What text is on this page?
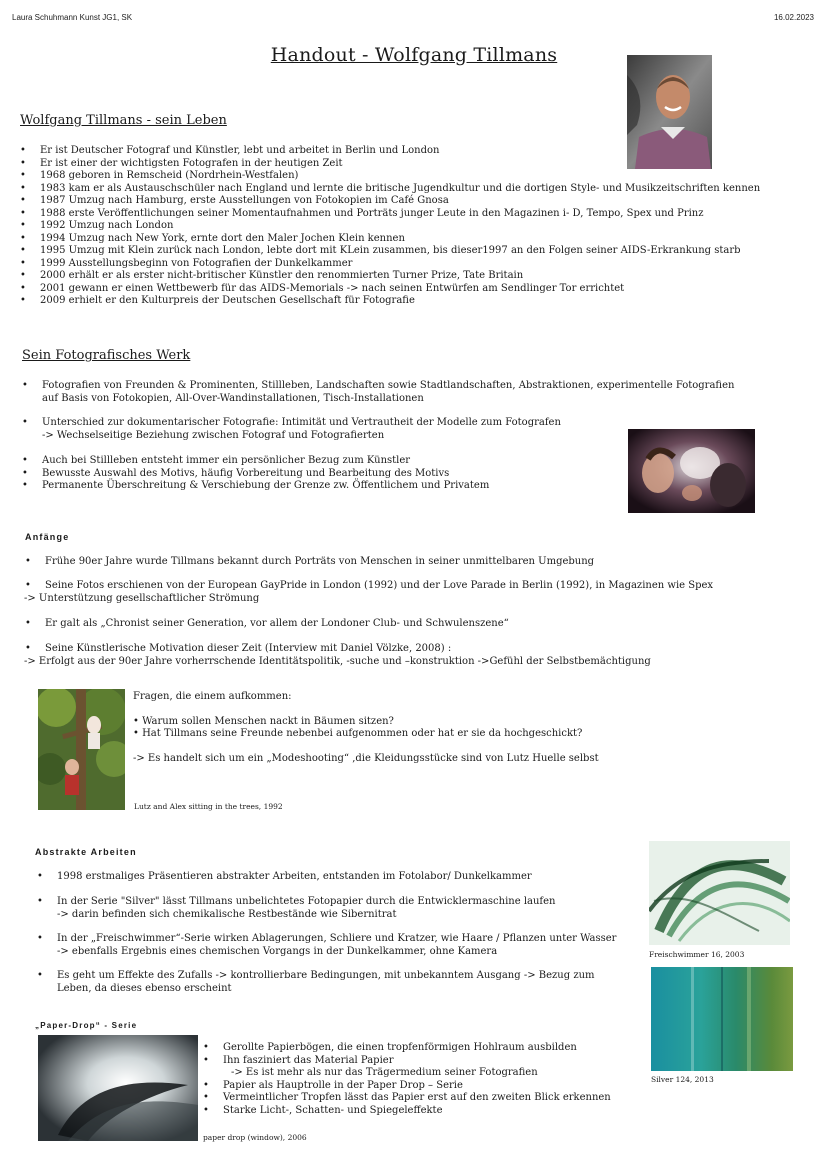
Laura Schuhmann Kunst JG1, SK	16.02.2023
Handout - Wolfgang Tillmans
Wolfgang Tillmans - sein Leben
• Er ist Deutscher Fotograf und Künstler, lebt und arbeitet in Berlin und London
• Er ist einer der wichtigsten Fotografen in der heutigen Zeit
• 1968 geboren in Remscheid (Nordrhein-Westfalen)
• 1983 kam er als Austauschschüler nach England und lernte die britische Jugendkultur und die dortigen Style- und Musikzeitschriften kennen
• 1987 Umzug nach Hamburg, erste Ausstellungen von Fotokopien im Café Gnosa
• 1988 erste Veröffentlichungen seiner Momentaufnahmen und Porträts junger Leute in den Magazinen i- D, Tempo, Spex und Prinz
• 1992 Umzug nach London
• 1994 Umzug nach New York, ernte dort den Maler Jochen Klein kennen
• 1995 Umzug mit Klein zurück nach London, lebte dort mit KLein zusammen, bis dieser1997 an den Folgen seiner AIDS-Erkrankung starb
• 1999 Ausstellungsbeginn von Fotografien der Dunkelkammer
• 2000 erhält er als erster nicht-britischer Künstler den renommierten Turner Prize, Tate Britain
• 2001 gewann er einen Wettbewerb für das AIDS-Memorials -> nach seinen Entwürfen am Sendlinger Tor errichtet
• 2009 erhielt er den Kulturpreis der Deutschen Gesellschaft für Fotografie
Sein Fotografisches Werk
• Fotografien von Freunden & Prominenten, Stillleben, Landschaften sowie Stadtlandschaften, Abstraktionen, experimentelle Fotografien
auf Basis von Fotokopien, All-Over-Wandinstallationen, Tisch-Installationen
• Unterschied zur dokumentarischer Fotografie: Intimität und Vertrautheit der Modelle zum Fotografen
-> Wechselseitige Beziehung zwischen Fotograf und Fotografierten
• Auch bei Stillleben entsteht immer ein persönlicher Bezug zum Künstler
• Bewusste Auswahl des Motivs, häufig Vorbereitung und Bearbeitung des Motivs
• Permanente Überschreitung & Verschiebung der Grenze zw. Öffentlichem und Privatem
Anfänge
• Frühe 90er Jahre wurde Tillmans bekannt durch Porträts von Menschen in seiner unmittelbaren Umgebung
• Seine Fotos erschienen von der European GayPride in London (1992) und der Love Parade in Berlin (1992), in Magazinen wie Spex
-> Unterstützung gesellschaftlicher Strömung
• Er galt als „Chronist seiner Generation, vor allem der Londoner Club- und Schwulenszene“
• Seine Künstlerische Motivation dieser Zeit (Interview mit Daniel Völzke, 2008) :
-> Erfolgt aus der 90er Jahre vorherrschende Identitätspolitik, -suche und –konstruktion ->Gefühl der Selbstbemächtigung
Fragen, die einem aufkommen:
• Warum sollen Menschen nackt in Bäumen sitzen?
• Hat Tillmans seine Freunde nebenbei aufgenommen oder hat er sie da hochgeschickt?
-> Es handelt sich um ein „Modeshooting“ ,die Kleidungsstücke sind von Lutz Huelle selbst
Lutz and Alex sitting in the trees, 1992
Abstrakte Arbeiten
• 1998 erstmaliges Präsentieren abstrakter Arbeiten, entstanden im Fotolabor/ Dunkelkammer
• In der Serie "Silver" lässt Tillmans unbelichtetes Fotopapier durch die Entwicklermaschine laufen
-> darin befinden sich chemikalische Restbestände wie Sibernitrat
• In der „Freischwimmer“-Serie wirken Ablagerungen, Schliere und Kratzer, wie Haare / Pflanzen unter Wasser
-> ebenfalls Ergebnis eines chemischen Vorgangs in der Dunkelkammer, ohne Kamera
• Es geht um Effekte des Zufalls -> kontrollierbare Bedingungen, mit unbekanntem Ausgang -> Bezug zum
Leben, da dieses ebenso erscheint
Freischwimmer 16, 2003
Silver 124, 2013
„Paper-Drop“ - Serie
• Gerollte Papierbögen, die einen tropfenförmigen Hohlraum ausbilden
• Ihn fasziniert das Material Papier
-> Es ist mehr als nur das Trägermedium seiner Fotografien
• Papier als Hauptrolle in der Paper Drop – Serie
• Vermeintlicher Tropfen lässt das Papier erst auf den zweiten Blick erkennen
• Starke Licht-, Schatten- und Spiegeleffekte
paper drop (window), 2006
